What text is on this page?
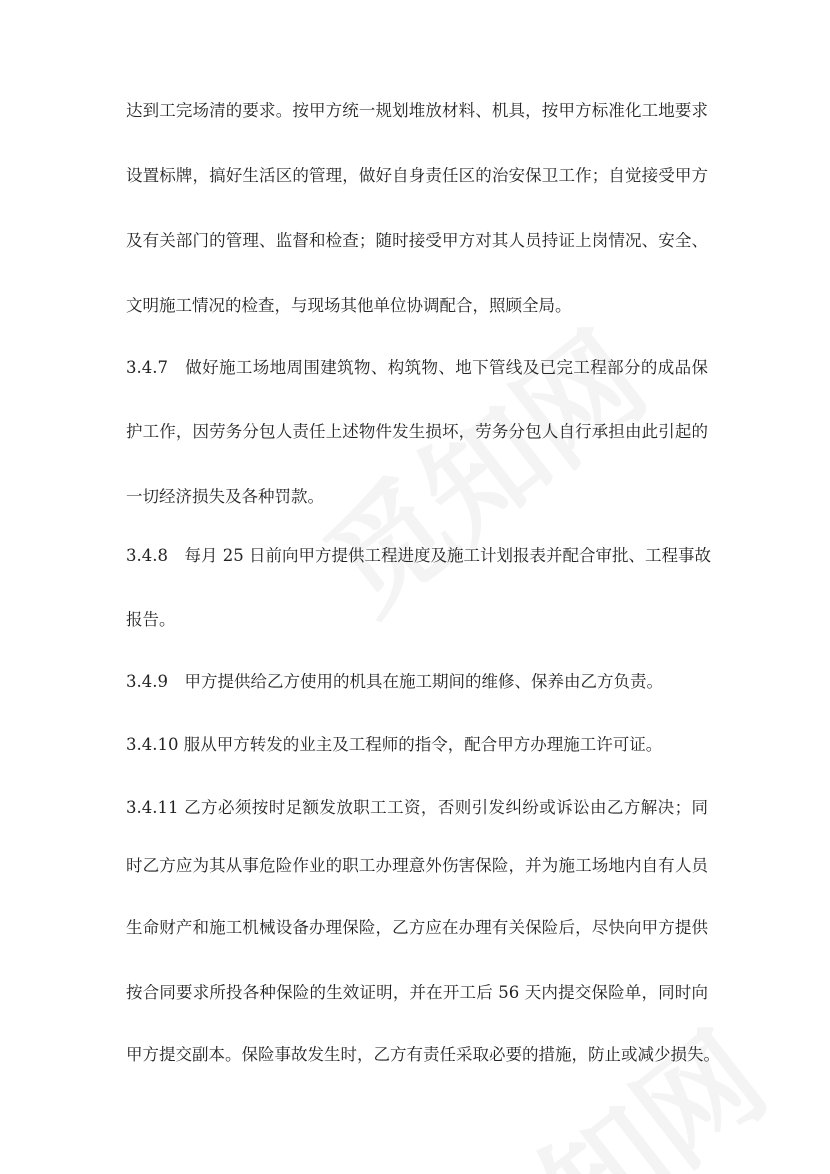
达到工完场清的要求。按甲方统一规划堆放材料、机具，按甲方标准化工地要求
设置标牌，搞好生活区的管理，做好自身责任区的治安保卫工作；自觉接受甲方
及有关部门的管理、监督和检查；随时接受甲方对其人员持证上岗情况、安全、
文明施工情况的检查，与现场其他单位协调配合，照顾全局。
3.4.7　做好施工场地周围建筑物、构筑物、地下管线及已完工程部分的成品保
护工作，因劳务分包人责任上述物件发生损坏，劳务分包人自行承担由此引起的
一切经济损失及各种罚款。
3.4.8　每月 25 日前向甲方提供工程进度及施工计划报表并配合审批、工程事故
报告。
3.4.9　甲方提供给乙方使用的机具在施工期间的维修、保养由乙方负责。
3.4.10 服从甲方转发的业主及工程师的指令，配合甲方办理施工许可证。
3.4.11 乙方必须按时足额发放职工工资，否则引发纠纷或诉讼由乙方解决；同
时乙方应为其从事危险作业的职工办理意外伤害保险，并为施工场地内自有人员
生命财产和施工机械设备办理保险，乙方应在办理有关保险后，尽快向甲方提供
按合同要求所投各种保险的生效证明，并在开工后 56 天内提交保险单，同时向
甲方提交副本。保险事故发生时，乙方有责任采取必要的措施，防止或减少损失。
